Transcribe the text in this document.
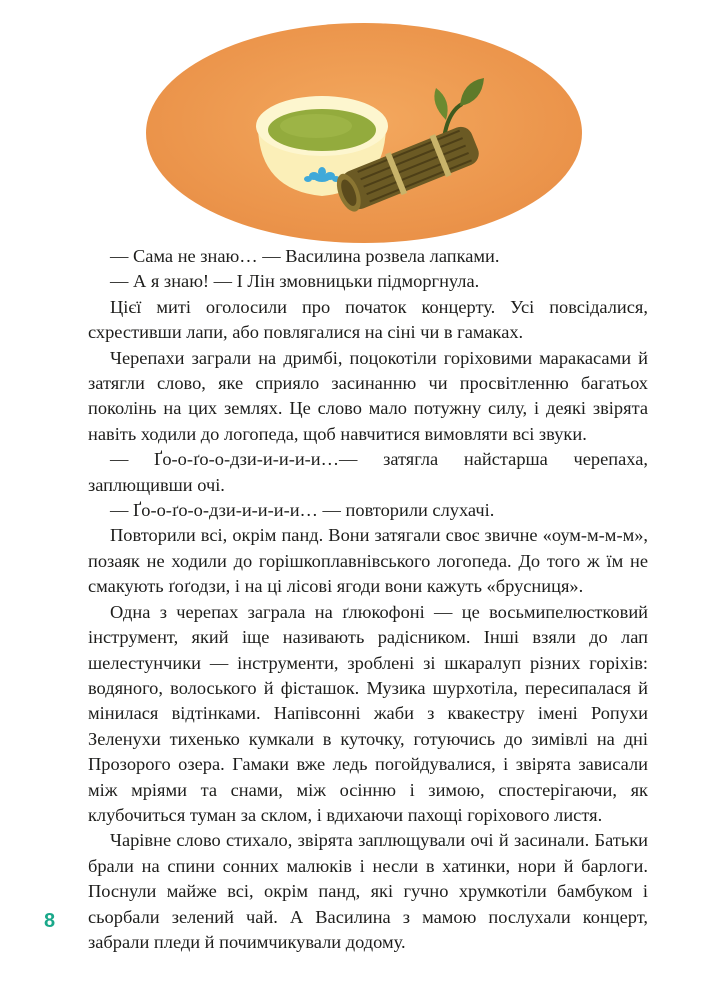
— Сама не знаю… — Василина розвела лапками.

— А я знаю! — І Лін змовницьки підморгнула.

Цієї миті оголосили про початок концерту. Усі повсідалися, схрестивши лапи, або повлягалися на сіні чи в гамаках.

Черепахи заграли на дримбі, поцокотіли горіховими маракасами й затягли слово, яке сприяло засинанню чи просвітленню багатьох поколінь на цих землях. Це слово мало потужну силу, і деякі звірята навіть ходили до логопеда, щоб навчитися вимовляти всі звуки.

— Ґо-о-ґо-о-дзи-и-и-и-и…— затягла найстарша черепаха, заплющивши очі.

— Ґо-о-ґо-о-дзи-и-и-и-и… — повторили слухачі.

Повторили всі, окрім панд. Вони затягали своє звичне «оум-м-м-м», позаяк не ходили до горішкоплавнівського логопеда. До того ж їм не смакують ґоґодзи, і на ці лісові ягоди вони кажуть «брусниця».

Одна з черепах заграла на ґлюкофоні — це восьмипелюстковий інструмент, який іще називають радісником. Інші взяли до лап шелестунчики — інструменти, зроблені зі шкаралуп різних горіхів: водяного, волоського й фісташок. Музика шурхотіла, пересипалася й мінилася відтінками. Напівсонні жаби з квакестру імені Ропухи Зеленухи тихенько кумкали в куточку, готуючись до зимівлі на дні Прозорого озера. Гамаки вже ледь погойдувалися, і звірята зависали між мріями та снами, між осінню і зимою, спостерігаючи, як клубочиться туман за склом, і вдихаючи пахощі горіхового листя.

Чарівне слово стихало, звірята заплющували очі й засинали. Батьки брали на спини сонних малюків і несли в хатинки, нори й барлоги. Поснули майже всі, окрім панд, які гучно хрумкотіли бамбуком і сьорбали зелений чай. А Василина з мамою послухали концерт, забрали пледи й почимчикували додому.

8
